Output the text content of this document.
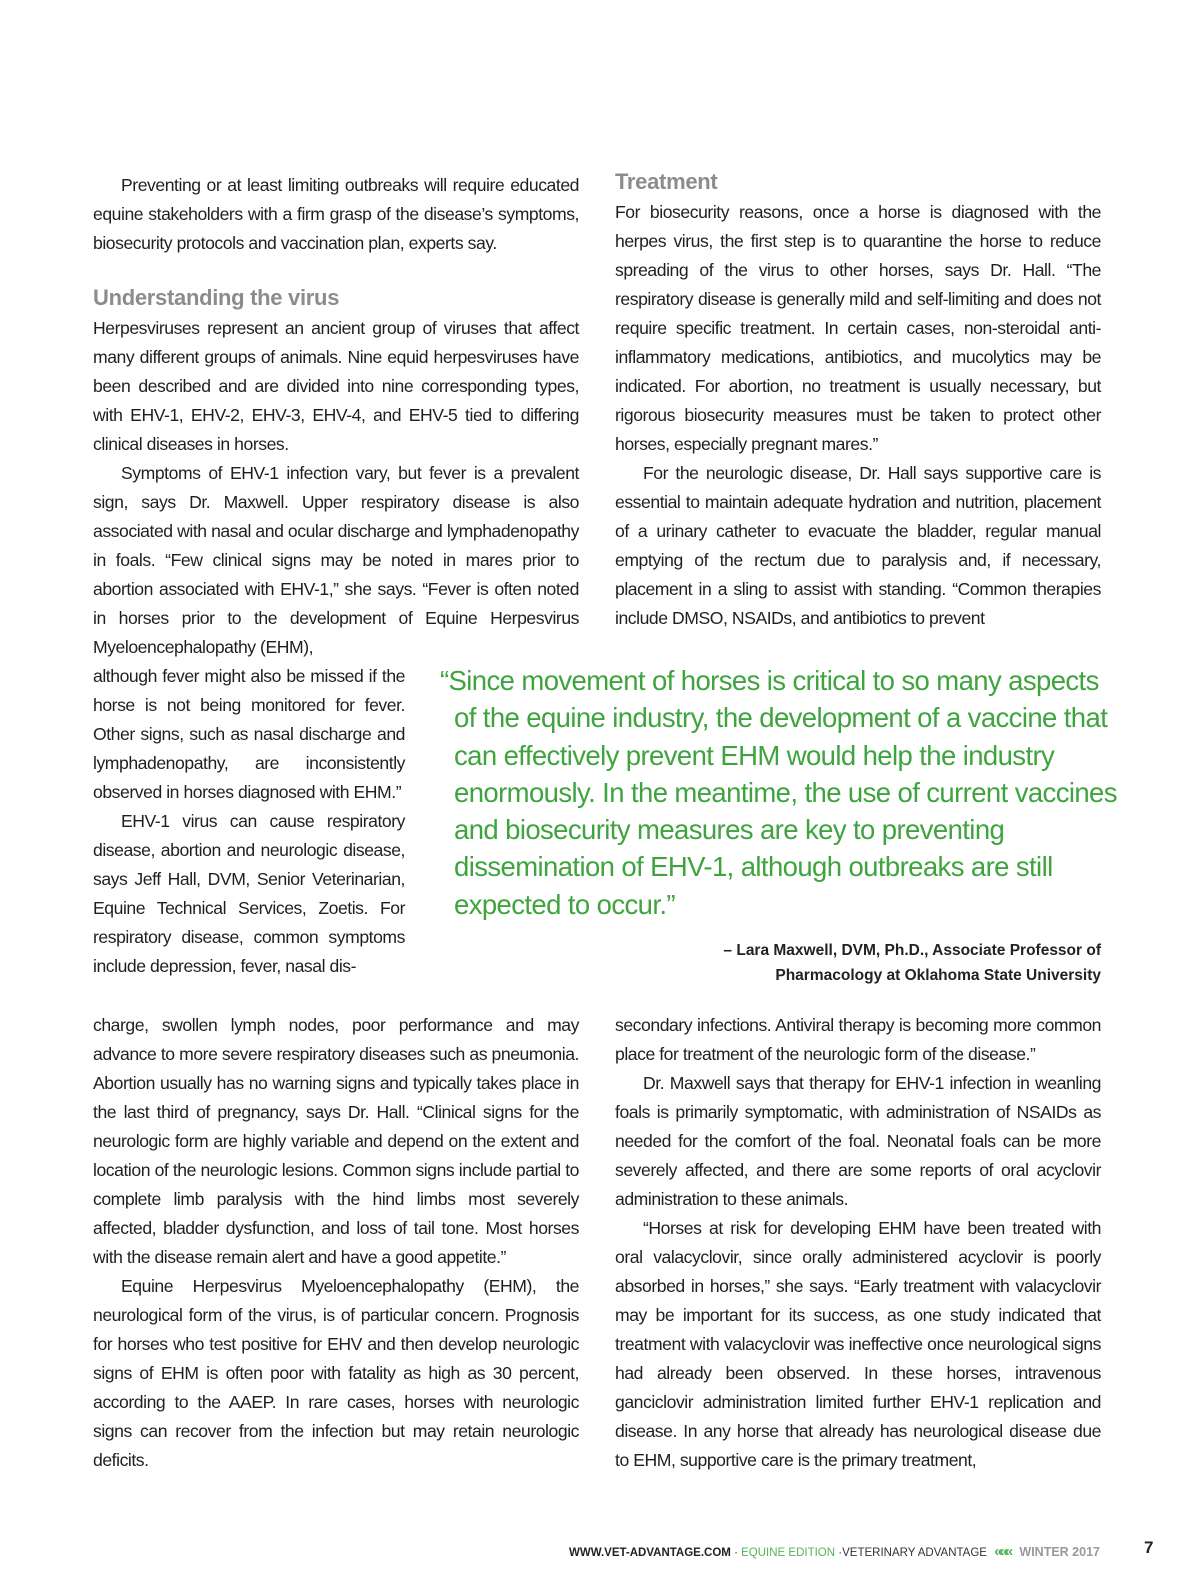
Preventing or at least limiting outbreaks will require educated equine stakeholders with a firm grasp of the disease’s symptoms, biosecurity protocols and vaccination plan, experts say.

Understanding the virus

Herpesviruses represent an ancient group of viruses that affect many different groups of animals. Nine equid herpesviruses have been described and are divided into nine corresponding types, with EHV-1, EHV-2, EHV-3, EHV-4, and EHV-5 tied to differing clinical diseases in horses.

Symptoms of EHV-1 infection vary, but fever is a prevalent sign, says Dr. Maxwell. Upper respiratory disease is also associated with nasal and ocular discharge and lymphadenopathy in foals. “Few clinical signs may be noted in mares prior to abortion associated with EHV-1,” she says. “Fever is often noted in horses prior to the development of Equine Herpesvirus Myeloencephalopathy (EHM),

although fever might also be missed if the horse is not being monitored for fever. Other signs, such as nasal discharge and lymphadenopathy, are inconsistently observed in horses diagnosed with EHM.”

EHV-1 virus can cause respiratory disease, abortion and neurologic disease, says Jeff Hall, DVM, Senior Veterinarian, Equine Technical Services, Zoetis. For respiratory disease, common symptoms include depression, fever, nasal dis-

charge, swollen lymph nodes, poor performance and may advance to more severe respiratory diseases such as pneumonia. Abortion usually has no warning signs and typically takes place in the last third of pregnancy, says Dr. Hall. “Clinical signs for the neurologic form are highly variable and depend on the extent and location of the neurologic lesions. Common signs include partial to complete limb paralysis with the hind limbs most severely affected, bladder dysfunction, and loss of tail tone. Most horses with the disease remain alert and have a good appetite.”

Equine Herpesvirus Myeloencephalopathy (EHM), the neurological form of the virus, is of particular concern. Prognosis for horses who test positive for EHV and then develop neurologic signs of EHM is often poor with fatality as high as 30 percent, according to the AAEP. In rare cases, horses with neurologic signs can recover from the infection but may retain neurologic deficits.

Treatment

For biosecurity reasons, once a horse is diagnosed with the herpes virus, the first step is to quarantine the horse to reduce spreading of the virus to other horses, says Dr. Hall. “The respiratory disease is generally mild and self-limiting and does not require specific treatment. In certain cases, non-steroidal anti-inflammatory medications, antibiotics, and mucolytics may be indicated. For abortion, no treatment is usually necessary, but rigorous biosecurity measures must be taken to protect other horses, especially pregnant mares.”

For the neurologic disease, Dr. Hall says supportive care is essential to maintain adequate hydration and nutrition, placement of a urinary catheter to evacuate the bladder, regular manual emptying of the rectum due to paralysis and, if necessary, placement in a sling to assist with standing. “Common therapies include DMSO, NSAIDs, and antibiotics to prevent

secondary infections. Antiviral therapy is becoming more common place for treatment of the neurologic form of the disease.”

Dr. Maxwell says that therapy for EHV-1 infection in weanling foals is primarily symptomatic, with administration of NSAIDs as needed for the comfort of the foal. Neonatal foals can be more severely affected, and there are some reports of oral acyclovir administration to these animals.

“Horses at risk for developing EHM have been treated with oral valacyclovir, since orally administered acyclovir is poorly absorbed in horses,” she says. “Early treatment with valacyclovir may be important for its success, as one study indicated that treatment with valacyclovir was ineffective once neurological signs had already been observed. In these horses, intravenous ganciclovir administration limited further EHV-1 replication and disease. In any horse that already has neurological disease due to EHM, supportive care is the primary treatment,

“Since movement of horses is critical to so many aspects of the equine industry, the development of a vaccine that can effectively prevent EHM would help the industry enormously. In the meantime, the use of current vaccines and biosecurity measures are key to preventing dissemination of EHV-1, although outbreaks are still expected to occur.”
– Lara Maxwell, DVM, Ph.D., Associate Professor of
Pharmacology at Oklahoma State University
WWW.VET-ADVANTAGE.COM · EQUINE EDITION ·VETERINARY ADVANTAGE ««« WINTER 2017	7
